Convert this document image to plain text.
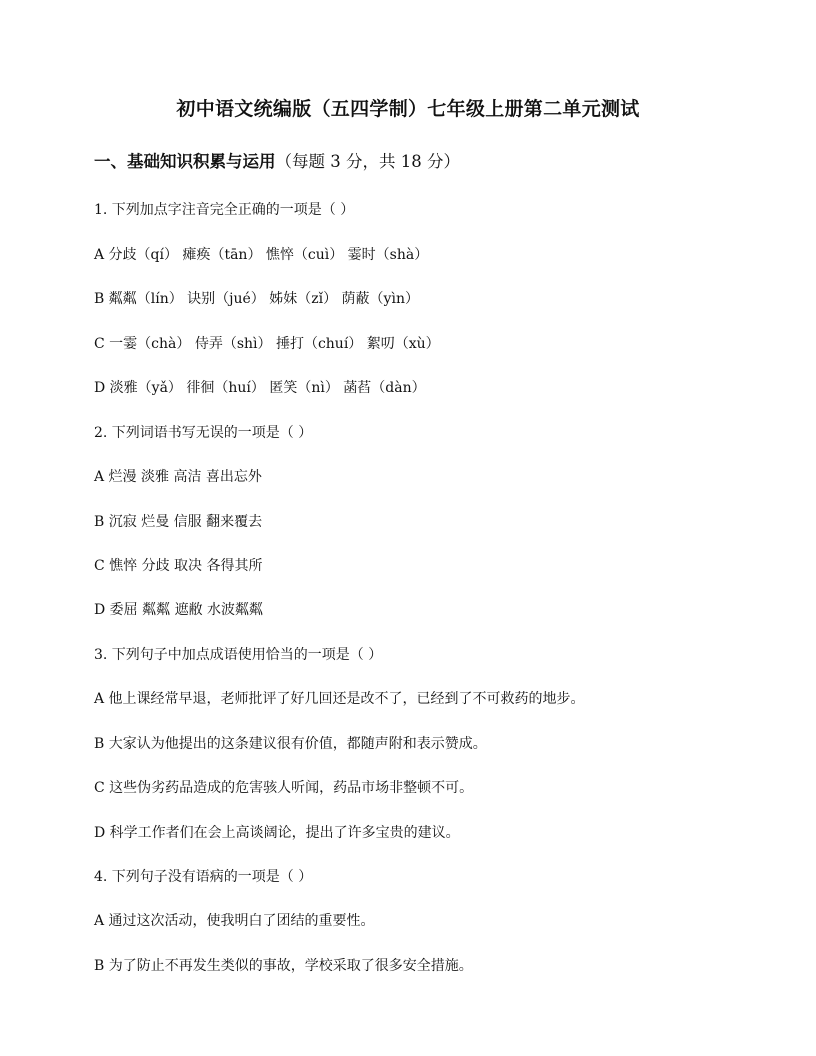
初中语文统编版（五四学制）七年级上册第二单元测试
一、基础知识积累与运用（每题 3 分，共 18 分）
1. 下列加点字注音完全正确的一项是（ ）
A 分歧（qí） 瘫痪（tān） 憔悴（cuì） 霎时（shà）
B 粼粼（lín） 诀别（jué） 姊妹（zǐ） 荫蔽（yìn）
C 一霎（chà） 侍弄（shì） 捶打（chuí） 絮叨（xù）
D 淡雅（yǎ） 徘徊（huí） 匿笑（nì） 菡萏（dàn）
2. 下列词语书写无误的一项是（ ）
A 烂漫 淡雅 高洁 喜出忘外
B 沉寂 烂曼 信服 翻来覆去
C 憔悴 分歧 取决 各得其所
D 委屈 粼粼 遮敝 水波粼粼
3. 下列句子中加点成语使用恰当的一项是（ ）
A 他上课经常早退，老师批评了好几回还是改不了，已经到了不可救药的地步。
B 大家认为他提出的这条建议很有价值，都随声附和表示赞成。
C 这些伪劣药品造成的危害骇人听闻，药品市场非整顿不可。
D 科学工作者们在会上高谈阔论，提出了许多宝贵的建议。
4. 下列句子没有语病的一项是（ ）
A 通过这次活动，使我明白了团结的重要性。
B 为了防止不再发生类似的事故，学校采取了很多安全措施。
